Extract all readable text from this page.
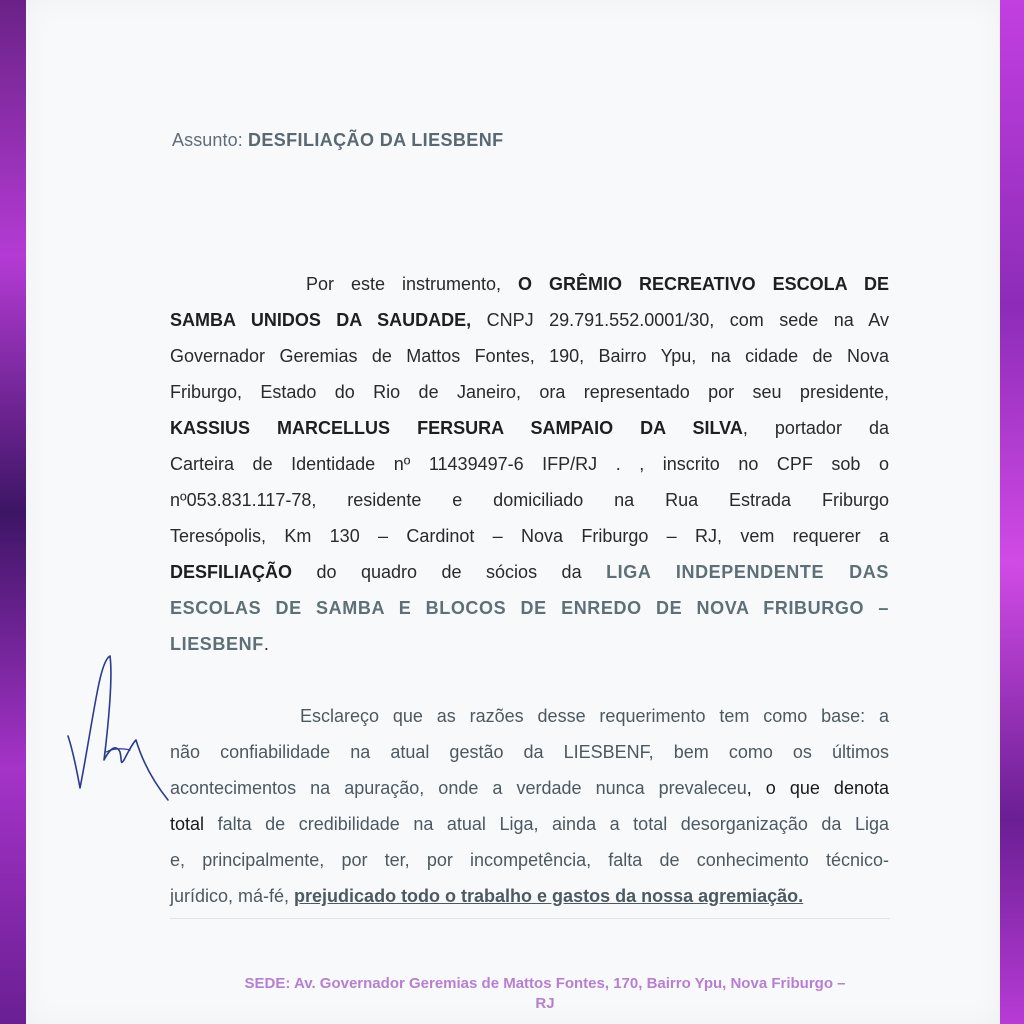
Assunto: DESFILIAÇÃO DA LIESBENF
Por este instrumento, O GRÊMIO RECREATIVO ESCOLA DE
SAMBA UNIDOS DA SAUDADE, CNPJ 29.791.552.0001/30, com sede na Av
Governador Geremias de Mattos Fontes, 190, Bairro Ypu, na cidade de Nova
Friburgo, Estado do Rio de Janeiro, ora representado por seu presidente,
KASSIUS MARCELLUS FERSURA SAMPAIO DA SILVA, portador da
Carteira de Identidade nº 11439497-6 IFP/RJ . , inscrito no CPF sob o
nº053.831.117-78, residente e domiciliado na Rua Estrada Friburgo
Teresópolis, Km 130 – Cardinot – Nova Friburgo – RJ, vem requerer a
DESFILIAÇÃO do quadro de sócios da LIGA INDEPENDENTE DAS
ESCOLAS DE SAMBA E BLOCOS DE ENREDO DE NOVA FRIBURGO –
LIESBENF.
Esclareço que as razões desse requerimento tem como base: a
não confiabilidade na atual gestão da LIESBENF, bem como os últimos
acontecimentos na apuração, onde a verdade nunca prevaleceu, o que denota
total falta de credibilidade na atual Liga, ainda a total desorganização da Liga
e, principalmente, por ter, por incompetência, falta de conhecimento técnico-
jurídico, má-fé, prejudicado todo o trabalho e gastos da nossa agremiação.
SEDE: Av. Governador Geremias de Mattos Fontes, 170, Bairro Ypu, Nova Friburgo –
RJ
